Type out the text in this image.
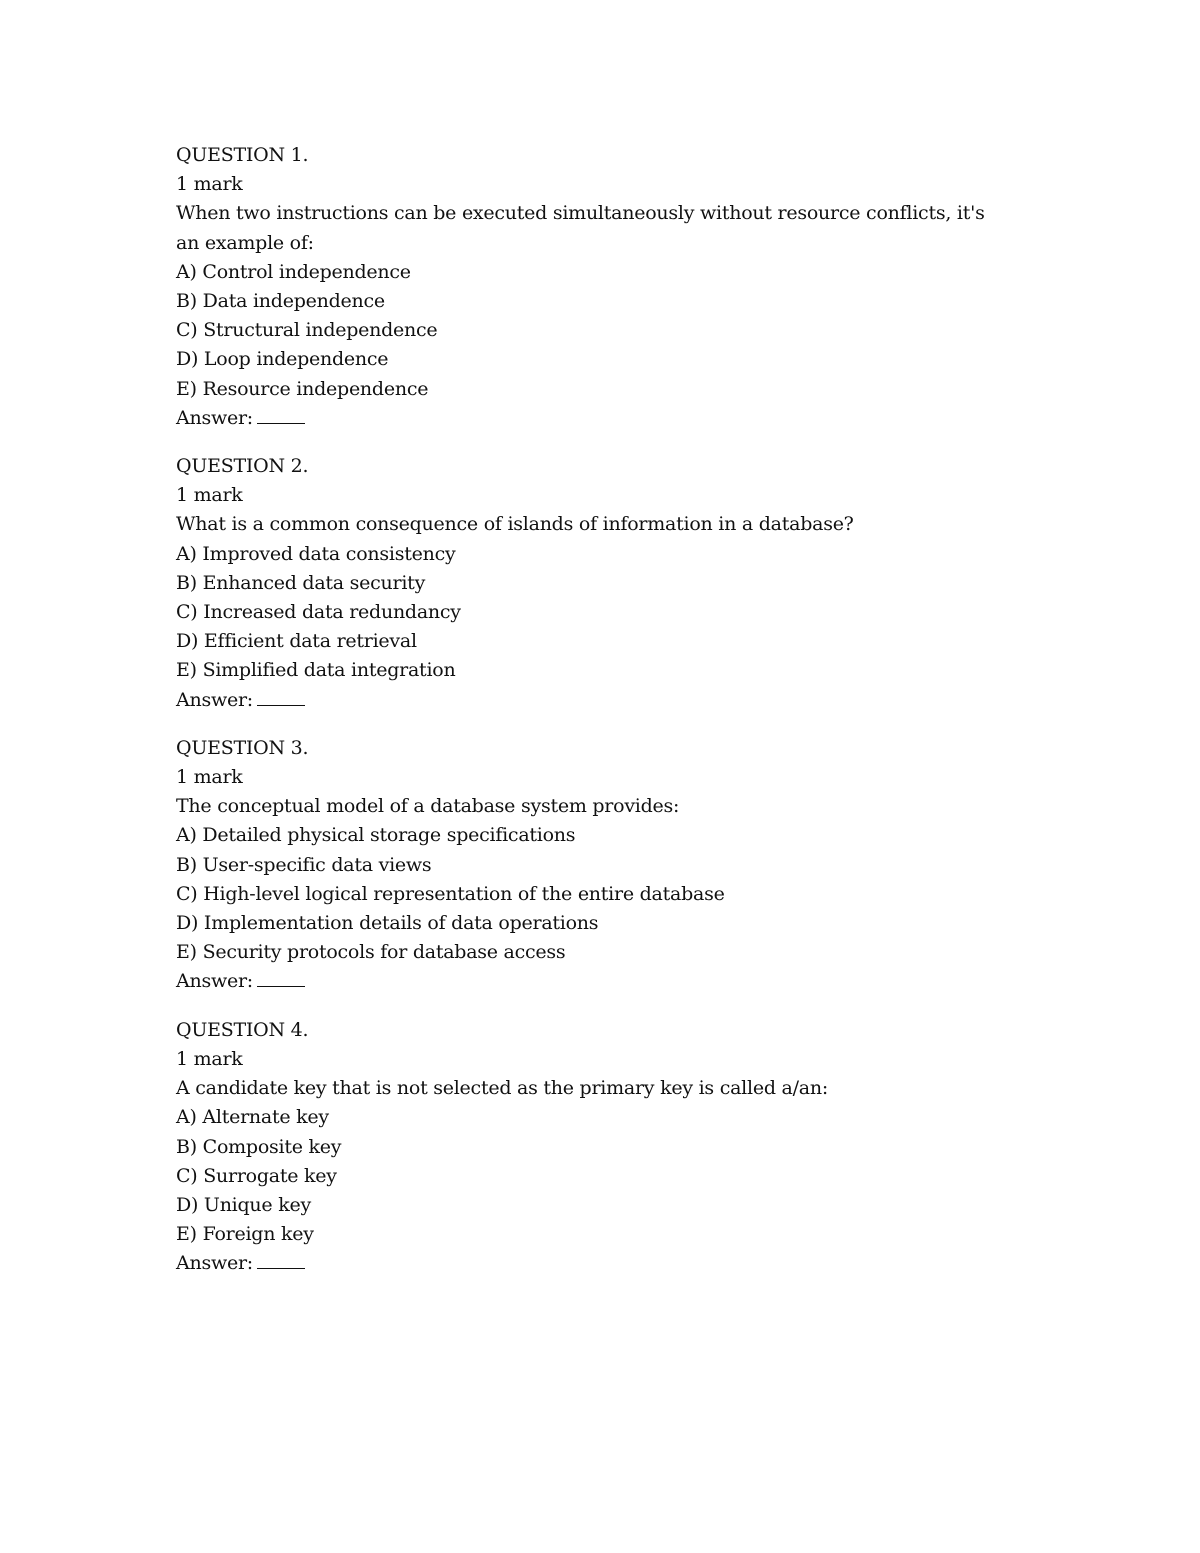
QUESTION 1.
1 mark
When two instructions can be executed simultaneously without resource conflicts, it's an example of:
A) Control independence
B) Data independence
C) Structural independence
D) Loop independence
E) Resource independence
Answer:
QUESTION 2.
1 mark
What is a common consequence of islands of information in a database?
A) Improved data consistency
B) Enhanced data security
C) Increased data redundancy
D) Efficient data retrieval
E) Simplified data integration
Answer:
QUESTION 3.
1 mark
The conceptual model of a database system provides:
A) Detailed physical storage specifications
B) User-specific data views
C) High-level logical representation of the entire database
D) Implementation details of data operations
E) Security protocols for database access
Answer:
QUESTION 4.
1 mark
A candidate key that is not selected as the primary key is called a/an:
A) Alternate key
B) Composite key
C) Surrogate key
D) Unique key
E) Foreign key
Answer:
